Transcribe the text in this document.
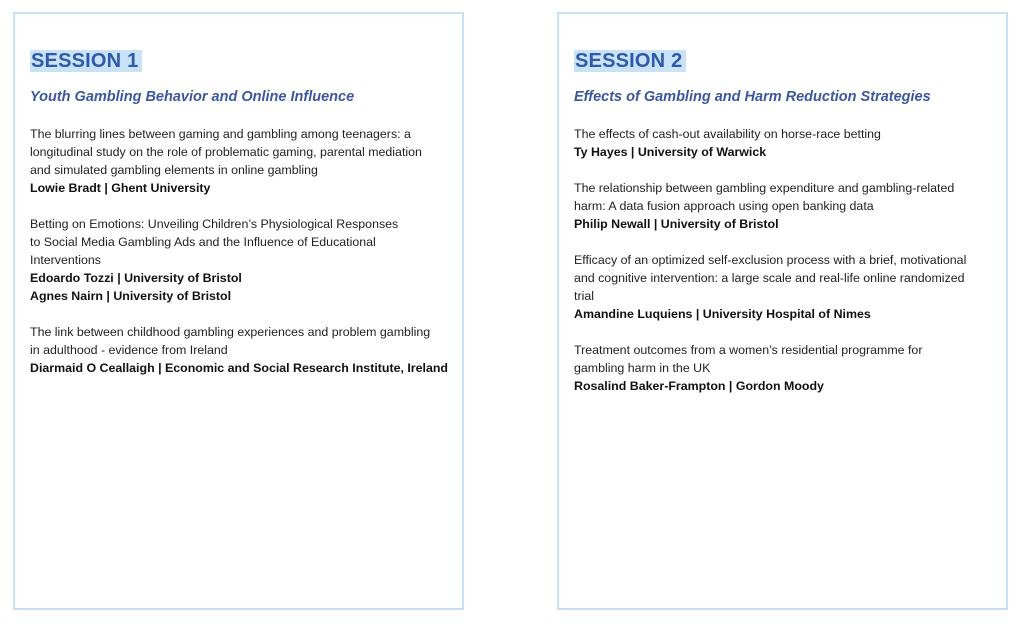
SESSION 1
Youth Gambling Behavior and Online Influence
The blurring lines between gaming and gambling among teenagers: a
longitudinal study on the role of problematic gaming, parental mediation
and simulated gambling elements in online gambling
Lowie Bradt | Ghent University
Betting on Emotions: Unveiling Children’s Physiological Responses
to Social Media Gambling Ads and the Influence of Educational
Interventions
Edoardo Tozzi | University of Bristol
Agnes Nairn | University of Bristol
The link between childhood gambling experiences and problem gambling
in adulthood - evidence from Ireland
Diarmaid O Ceallaigh | Economic and Social Research Institute, Ireland
SESSION 2
Effects of Gambling and Harm Reduction Strategies
The effects of cash-out availability on horse-race betting
Ty Hayes | University of Warwick
The relationship between gambling expenditure and gambling-related
harm: A data fusion approach using open banking data
Philip Newall | University of Bristol
Efficacy of an optimized self-exclusion process with a brief, motivational
and cognitive intervention: a large scale and real-life online randomized
trial
Amandine Luquiens | University Hospital of Nimes
Treatment outcomes from a women’s residential programme for
gambling harm in the UK
Rosalind Baker-Frampton | Gordon Moody
